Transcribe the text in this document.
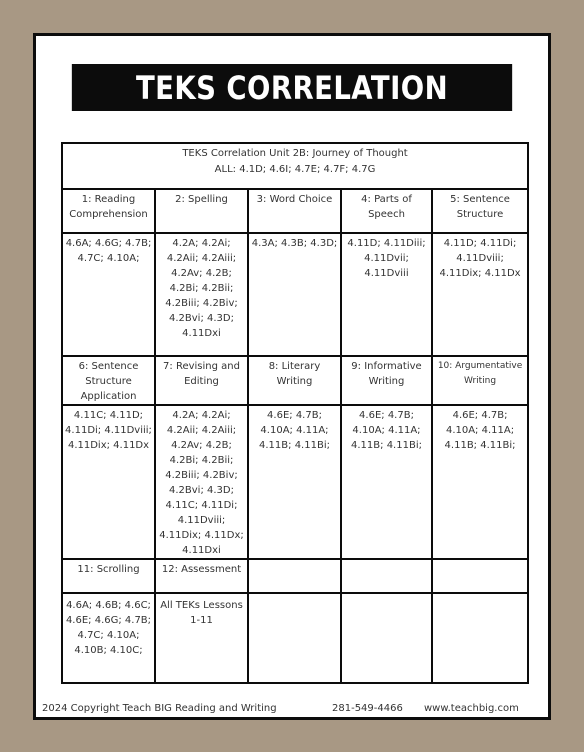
TEKS CORRELATION
TEKS Correlation Unit 2B: Journey of Thought
ALL: 4.1D; 4.6I; 4.7E; 4.7F; 4.7G				

1: Reading Comprehension	2: Spelling	3: Word Choice	4: Parts of Speech	5: Sentence Structure
4.6A; 4.6G; 4.7B; 4.7C; 4.10A;	4.2A; 4.2Ai; 4.2Aii; 4.2Aiii; 4.2Av; 4.2B; 4.2Bi; 4.2Bii; 4.2Biii; 4.2Biv; 4.2Bvi; 4.3D; 4.11Dxi	4.3A; 4.3B; 4.3D;	4.11D; 4.11Diii; 4.11Dvii; 4.11Dviii	4.11D; 4.11Di; 4.11Dviii; 4.11Dix; 4.11Dx
6: Sentence Structure Application	7: Revising and Editing	8: Literary Writing	9: Informative Writing	10: Argumentative Writing
4.11C; 4.11D; 4.11Di; 4.11Dviii; 4.11Dix; 4.11Dx	4.2A; 4.2Ai; 4.2Aii; 4.2Aiii; 4.2Av; 4.2B; 4.2Bi; 4.2Bii; 4.2Biii; 4.2Biv; 4.2Bvi; 4.3D; 4.11C; 4.11Di; 4.11Dviii; 4.11Dix; 4.11Dx; 4.11Dxi	4.6E; 4.7B; 4.10A; 4.11A; 4.11B; 4.11Bi;	4.6E; 4.7B; 4.10A; 4.11A; 4.11B; 4.11Bi;	4.6E; 4.7B; 4.10A; 4.11A; 4.11B; 4.11Bi;
11: Scrolling	12: Assessment			
4.6A; 4.6B; 4.6C; 4.6E; 4.6G; 4.7B; 4.7C; 4.10A; 4.10B; 4.10C;	All TEKs Lessons 1-11			
2024 Copyright Teach BIG Reading and Writing	281-549-4466	www.teachbig.com
